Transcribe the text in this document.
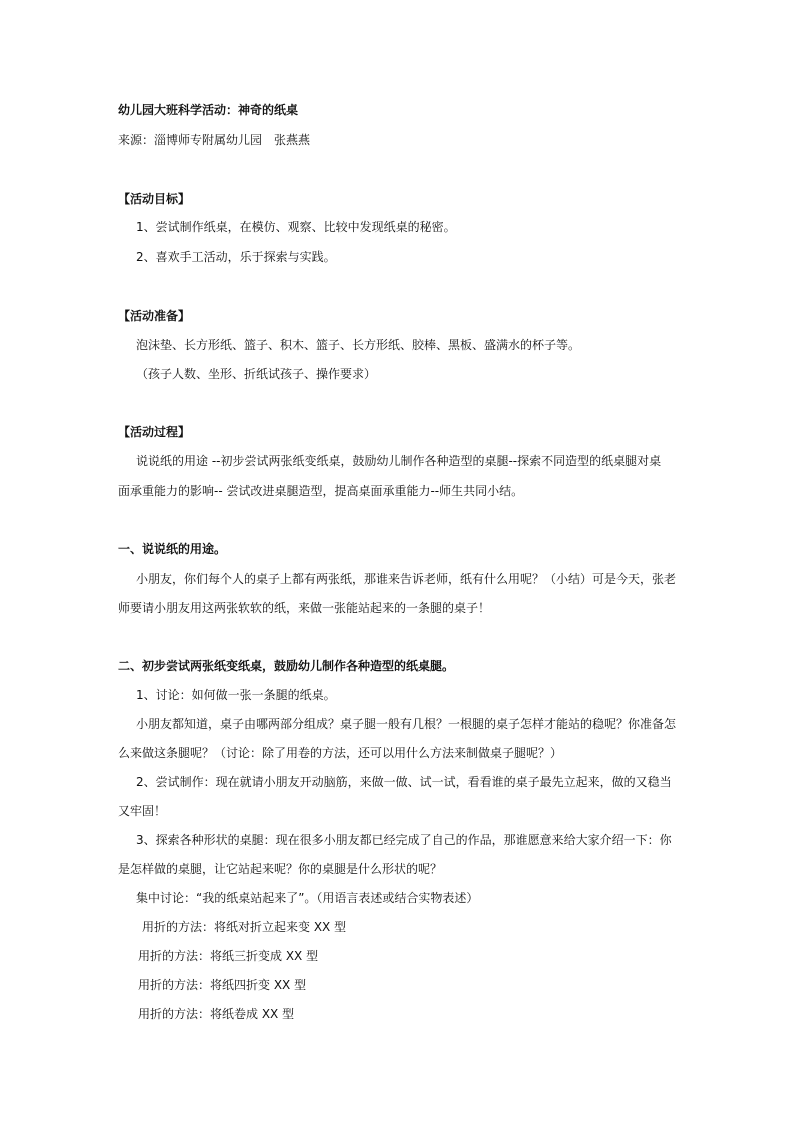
幼儿园大班科学活动：神奇的纸桌
来源：淄博师专附属幼儿园　张燕燕
【活动目标】
1、尝试制作纸桌，在模仿、观察、比较中发现纸桌的秘密。
2、喜欢手工活动，乐于探索与实践。
【活动准备】
泡沫垫、长方形纸、篮子、积木、篮子、长方形纸、胶棒、黑板、盛满水的杯子等。
（孩子人数、坐形、折纸试孩子、操作要求）
【活动过程】
说说纸的用途 --初步尝试两张纸变纸桌，鼓励幼儿制作各种造型的桌腿--探索不同造型的纸桌腿对桌
面承重能力的影响-- 尝试改进桌腿造型，提高桌面承重能力--师生共同小结。
一、说说纸的用途。
小朋友，你们每个人的桌子上都有两张纸，那谁来告诉老师，纸有什么用呢？（小结）可是今天，张老
师要请小朋友用这两张软软的纸，来做一张能站起来的一条腿的桌子！
二、初步尝试两张纸变纸桌，鼓励幼儿制作各种造型的纸桌腿。
1、讨论：如何做一张一条腿的纸桌。
小朋友都知道，桌子由哪两部分组成？桌子腿一般有几根？一根腿的桌子怎样才能站的稳呢？你准备怎
么来做这条腿呢？（讨论：除了用卷的方法，还可以用什么方法来制做桌子腿呢？）
2、尝试制作：现在就请小朋友开动脑筋，来做一做、试一试，看看谁的桌子最先立起来，做的又稳当
又牢固！
3、探索各种形状的桌腿：现在很多小朋友都已经完成了自己的作品，那谁愿意来给大家介绍一下：你
是怎样做的桌腿，让它站起来呢？你的桌腿是什么形状的呢？
集中讨论：“我的纸桌站起来了”。（用语言表述或结合实物表述）
用折的方法：将纸对折立起来变 XX 型
用折的方法：将纸三折变成 XX 型
用折的方法：将纸四折变 XX 型
用折的方法：将纸卷成 XX 型
